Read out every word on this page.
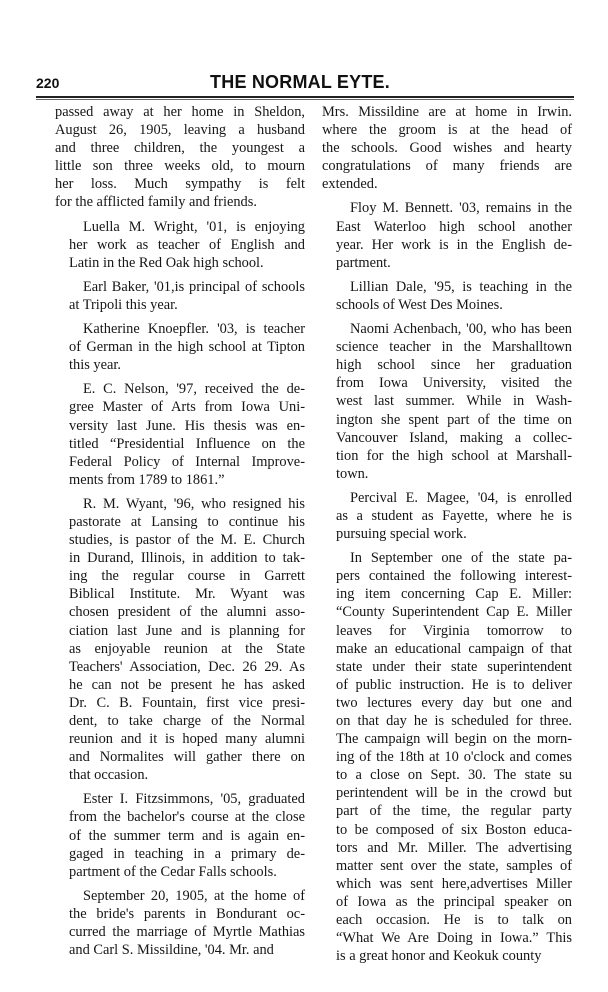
220	THE NORMAL EYTE.
passed away at her home in Sheldon,
August 26, 1905, leaving a husband
and three children, the youngest a
little son three weeks old, to mourn
her loss. Much sympathy is felt
for the afflicted family and friends.
Luella M. Wright, '01, is enjoying
her work as teacher of English and
Latin in the Red Oak high school.
Earl Baker, '01,is principal of schools
at Tripoli this year.
Katherine Knoepfler. '03, is teacher
of German in the high school at Tipton
this year.
E. C. Nelson, '97, received the de-
gree Master of Arts from Iowa Uni-
versity last June. His thesis was en-
titled “Presidential Influence on the
Federal Policy of Internal Improve-
ments from 1789 to 1861.”
R. M. Wyant, '96, who resigned his
pastorate at Lansing to continue his
studies, is pastor of the M. E. Church
in Durand, Illinois, in addition to tak-
ing the regular course in Garrett
Biblical Institute. Mr. Wyant was
chosen president of the alumni asso-
ciation last June and is planning for
as enjoyable reunion at the State
Teachers' Association, Dec. 26 29. As
he can not be present he has asked
Dr. C. B. Fountain, first vice presi-
dent, to take charge of the Normal
reunion and it is hoped many alumni
and Normalites will gather there on
that occasion.
Ester I. Fitzsimmons, '05, graduated
from the bachelor's course at the close
of the summer term and is again en-
gaged in teaching in a primary de-
partment of the Cedar Falls schools.
September 20, 1905, at the home of
the bride's parents in Bondurant oc-
curred the marriage of Myrtle Mathias
and Carl S. Missildine, '04. Mr. and
Mrs. Missildine are at home in Irwin.
where the groom is at the head of
the schools. Good wishes and hearty
congratulations of many friends are
extended.
Floy M. Bennett. '03, remains in the
East Waterloo high school another
year. Her work is in the English de-
partment.
Lillian Dale, '95, is teaching in the
schools of West Des Moines.
Naomi Achenbach, '00, who has been
science teacher in the Marshalltown
high school since her graduation
from Iowa University, visited the
west last summer. While in Wash-
ington she spent part of the time on
Vancouver Island, making a collec-
tion for the high school at Marshall-
town.
Percival E. Magee, '04, is enrolled
as a student as Fayette, where he is
pursuing special work.
In September one of the state pa-
pers contained the following interest-
ing item concerning Cap E. Miller:
“County Superintendent Cap E. Miller
leaves for Virginia tomorrow to
make an educational campaign of that
state under their state superintendent
of public instruction. He is to deliver
two lectures every day but one and
on that day he is scheduled for three.
The campaign will begin on the morn-
ing of the 18th at 10 o'clock and comes
to a close on Sept. 30. The state su
perintendent will be in the crowd but
part of the time, the regular party
to be composed of six Boston educa-
tors and Mr. Miller. The advertising
matter sent over the state, samples of
which was sent here,advertises Miller
of Iowa as the principal speaker on
each occasion. He is to talk on
“What We Are Doing in Iowa.” This
is a great honor and Keokuk county
